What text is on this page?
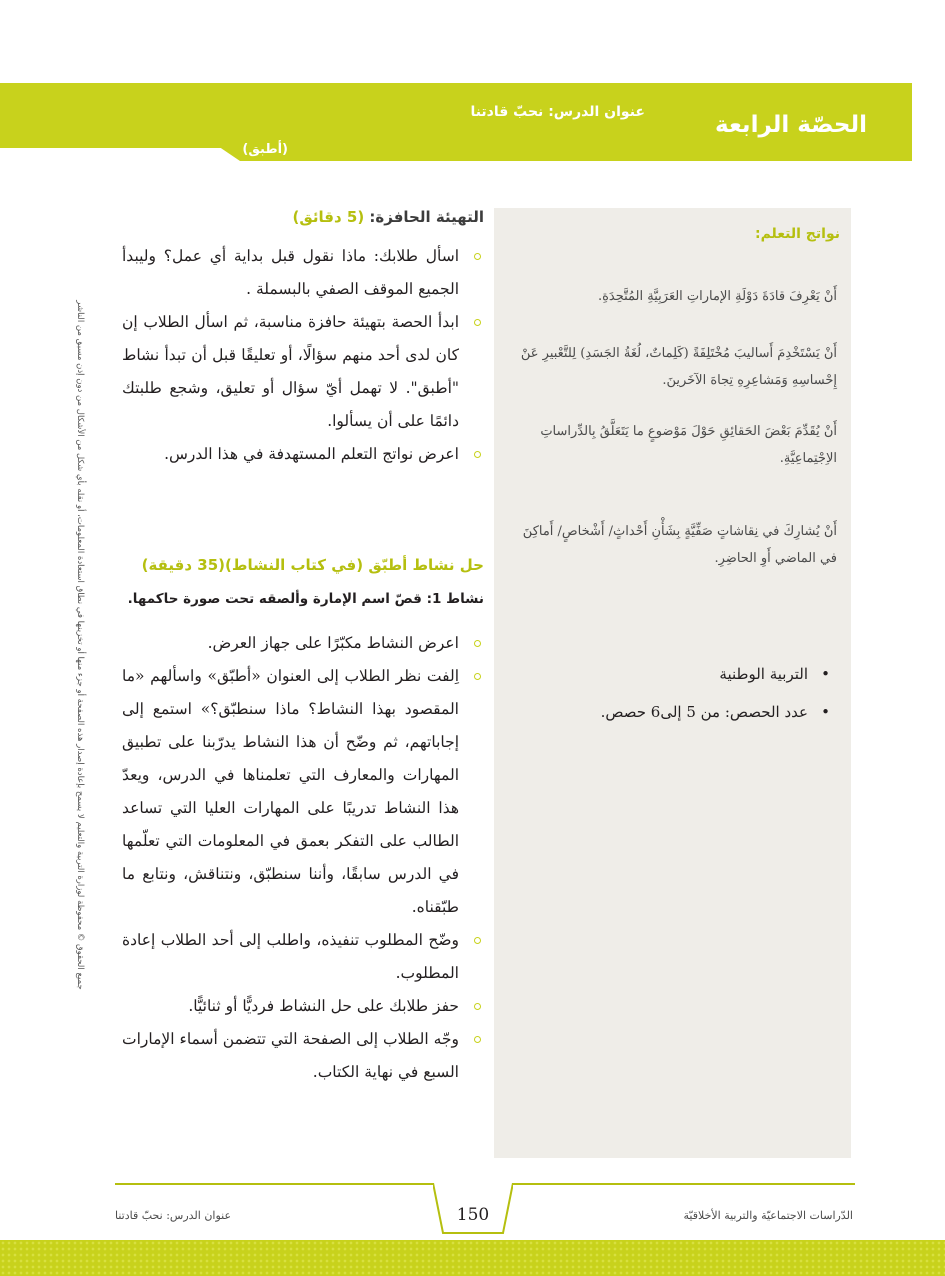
الحصّة الرابعة
عنوان الدرس: نحبّ قادتنا
(أطبق)
نواتج التعلم:
أَنْ يَعْرِفَ قادَةَ دَوْلَةِ الإماراتِ العَرَبِيَّةِ المُتَّحِدَةِ.
أَنْ يَسْتَخْدِمَ أَساليبَ مُخْتَلِفَةً (كَلِماتٌ، لُغَةُ الجَسَدِ) لِلتَّعْبيرِ عَنْ إِحْساسِهِ وَمَشاعِرِهِ تِجاهَ الآخَرينَ.
أَنْ يُقَدِّمَ بَعْضَ الحَقائِقِ حَوْلَ مَوْضوعٍ ما يَتَعَلَّقُ بِالدِّراساتِ الاِجْتِماعِيَّةِ.
أَنْ يُشارِكَ في نِقاشاتٍ صَفِّيَّةٍ بِشَأْنِ أَحْداثٍ/ أَشْخاصٍ/ أَماكِنَ في الماضي أَوِ الحاضِرِ.
• التربية الوطنية
• عدد الحصص: من 5 إلى6 حصص.
التهيئة الحافزة: (5 دقائق)
اسأل طلابك: ماذا نقول قبل بداية أي عمل؟ وليبدأ الجميع الموقف الصفي بالبسملة .
ابدأ الحصة بتهيئة حافزة مناسبة، ثم اسأل الطلاب إن كان لدى أحد منهم سؤالًا، أو تعليقًا قبل أن تبدأ نشاط "أطبق". لا تهمل أيّ سؤال أو تعليق، وشجع طلبتك دائمًا على أن يسألوا.
اعرض نواتج التعلم المستهدفة في هذا الدرس.
حل نشاط أطبّق (في كتاب النشاط)(35 دقيقة)
نشاط 1: قصّ اسم الإمارة وألصقه تحت صورة حاكمها.
اعرض النشاط مكبّرًا على جهاز العرض.
اِلفت نظر الطلاب إلى العنوان «أطبّق» واسألهم «ما المقصود بهذا النشاط؟ ماذا سنطبّق؟» استمع إلى إجاباتهم، ثم وضّح أن هذا النشاط يدرّبنا على تطبيق المهارات والمعارف التي تعلمناها في الدرس، ويعدّ هذا النشاط تدريبًا على المهارات العليا التي تساعد الطالب على التفكر بعمق في المعلومات التي تعلّمها في الدرس سابقًا، وأننا سنطبّق، ونتناقش، ونتابع ما طبّقناه.
وضّح المطلوب تنفيذه، واطلب إلى أحد الطلاب إعادة المطلوب.
حفز طلابك على حل النشاط فرديًّا أو ثنائيًّا.
وجّه الطلاب إلى الصفحة التي تتضمن أسماء الإمارات السبع في نهاية الكتاب.
جميع الحقوق © محفوظة لوزارة التربية والتعليم لا يسمح بإعادة إصدار هذه الصفحة أو جزء منها أو تخزينها في نطاق استعادة المعلومات، أو نقله بأي شكل من الأشكال من دون إذن مسبق من الناشر
150	الدّراسات الاجتماعيّة والتربية الأخلاقيّة
عنوان الدرس: نحبّ قادتنا
